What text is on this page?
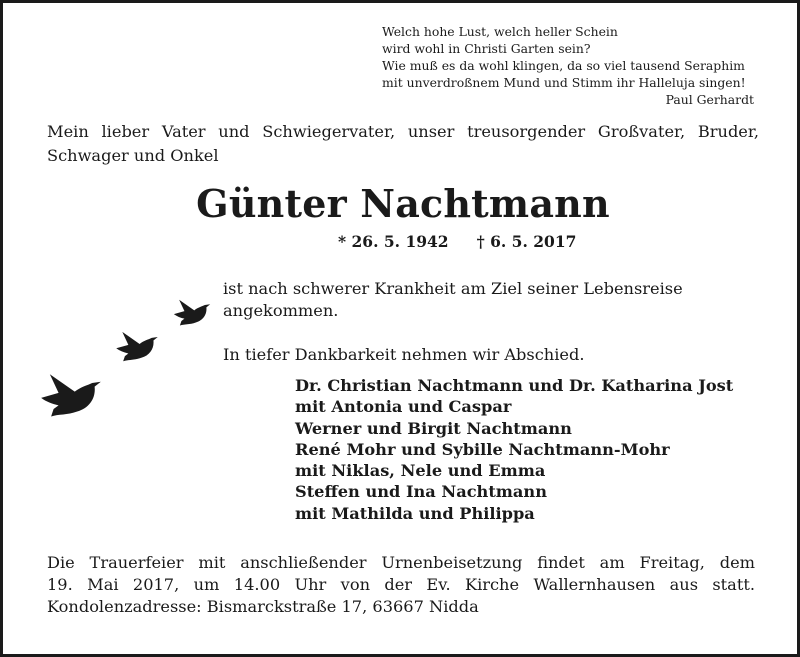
Welch hohe Lust, welch heller Schein
wird wohl in Christi Garten sein?
Wie muß es da wohl klingen, da so viel tausend Seraphim
mit unverdroßnem Mund und Stimm ihr Halleluja singen!
Paul Gerhardt
Mein lieber Vater und Schwiegervater, unser treusorgender Großvater, Bruder,
Schwager und Onkel
Günter Nachtmann
* 26. 5. 1942 † 6. 5. 2017

ist nach schwerer Krankheit am Ziel seiner Lebensreise

angekommen.

In tiefer Dankbarkeit nehmen wir Abschied.

Dr. Christian Nachtmann und Dr. Katharina Jost
mit Antonia und Caspar
Werner und Birgit Nachtmann
René Mohr und Sybille Nachtmann-Mohr
mit Niklas, Nele und Emma
Steffen und Ina Nachtmann
mit Mathilda und Philippa
Die Trauerfeier mit anschließender Urnenbeisetzung findet am Freitag, dem
19. Mai 2017, um 14.00 Uhr von der Ev. Kirche Wallernhausen aus statt.
Kondolenzadresse: Bismarckstraße 17, 63667 Nidda
